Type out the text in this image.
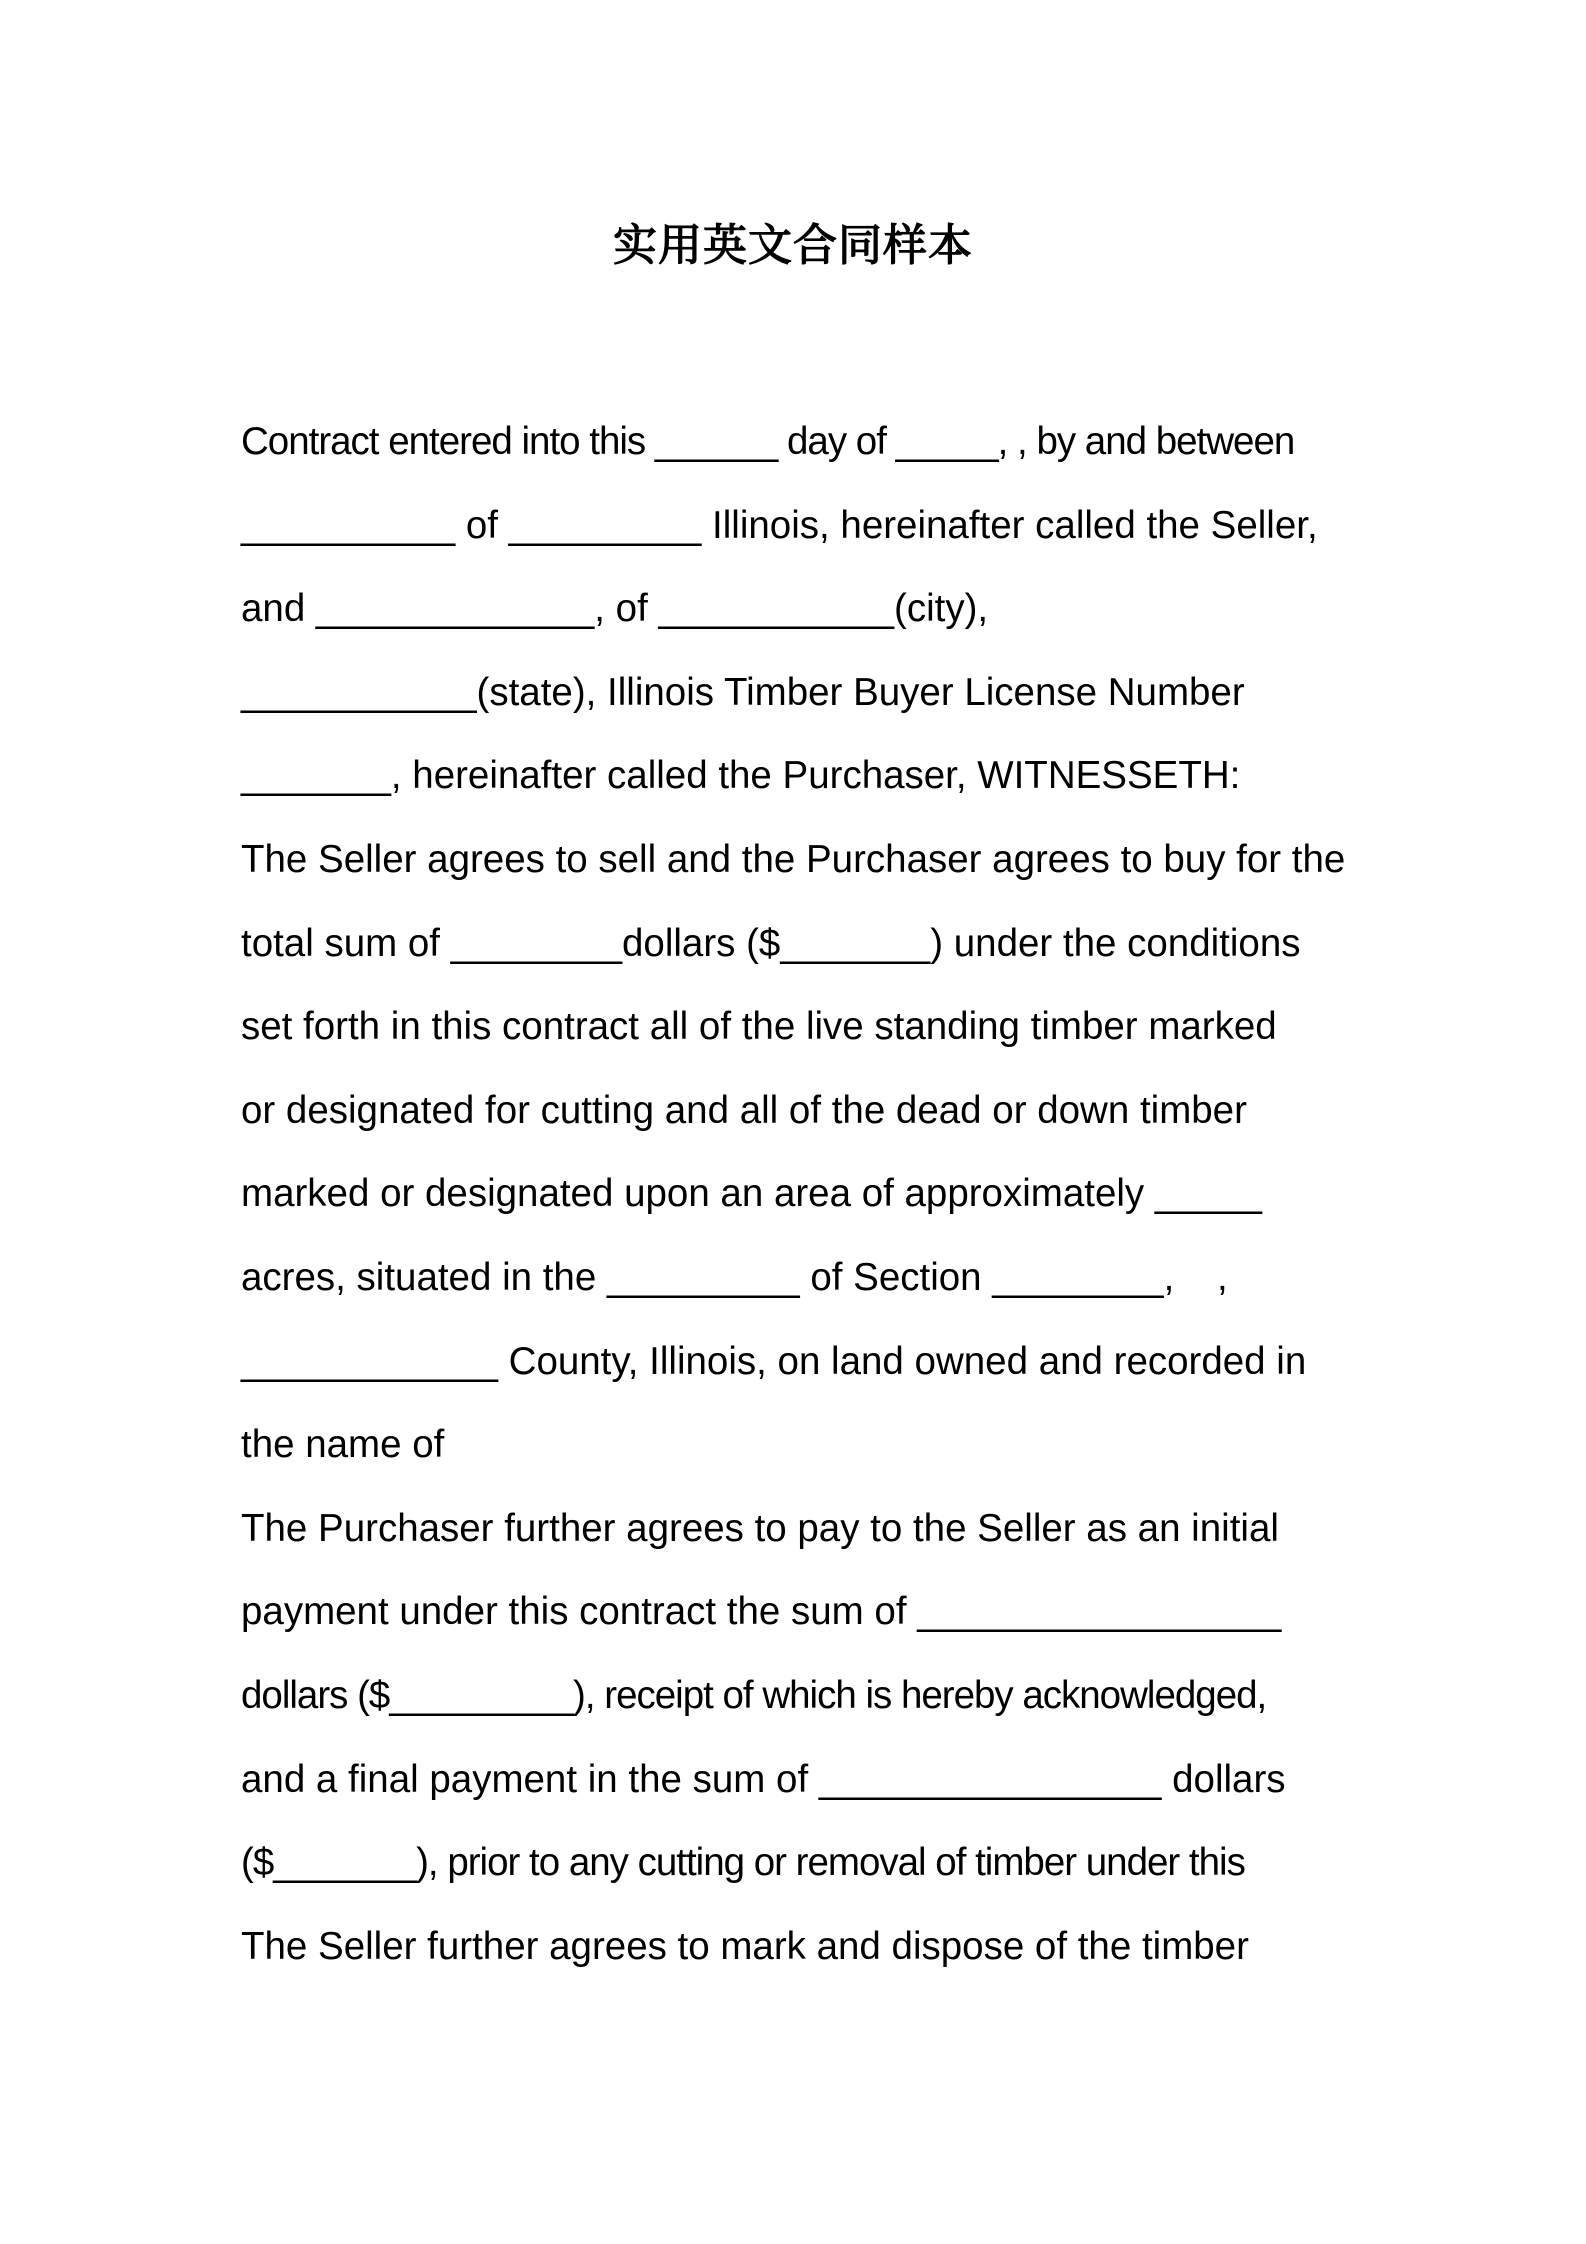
实用英文合同样本
Contract entered into this ______ day of _____, , by and between
__________ of _________ Illinois, hereinafter called the Seller,
and _____________, of ___________(city),
___________(state), Illinois Timber Buyer License Number
_______, hereinafter called the Purchaser, WITNESSETH:
The Seller agrees to sell and the Purchaser agrees to buy for the
total sum of ________dollars ($_______) under the conditions
set forth in this contract all of the live standing timber marked
or designated for cutting and all of the dead or down timber
marked or designated upon an area of approximately _____
acres, situated in the _________ of Section ________,    ,
____________ County, Illinois, on land owned and recorded in
the name of
The Purchaser further agrees to pay to the Seller as an initial
payment under this contract the sum of _________________
dollars ($_________), receipt of which is hereby acknowledged,
and a final payment in the sum of ________________ dollars
($_______), prior to any cutting or removal of timber under this
The Seller further agrees to mark and dispose of the timber
